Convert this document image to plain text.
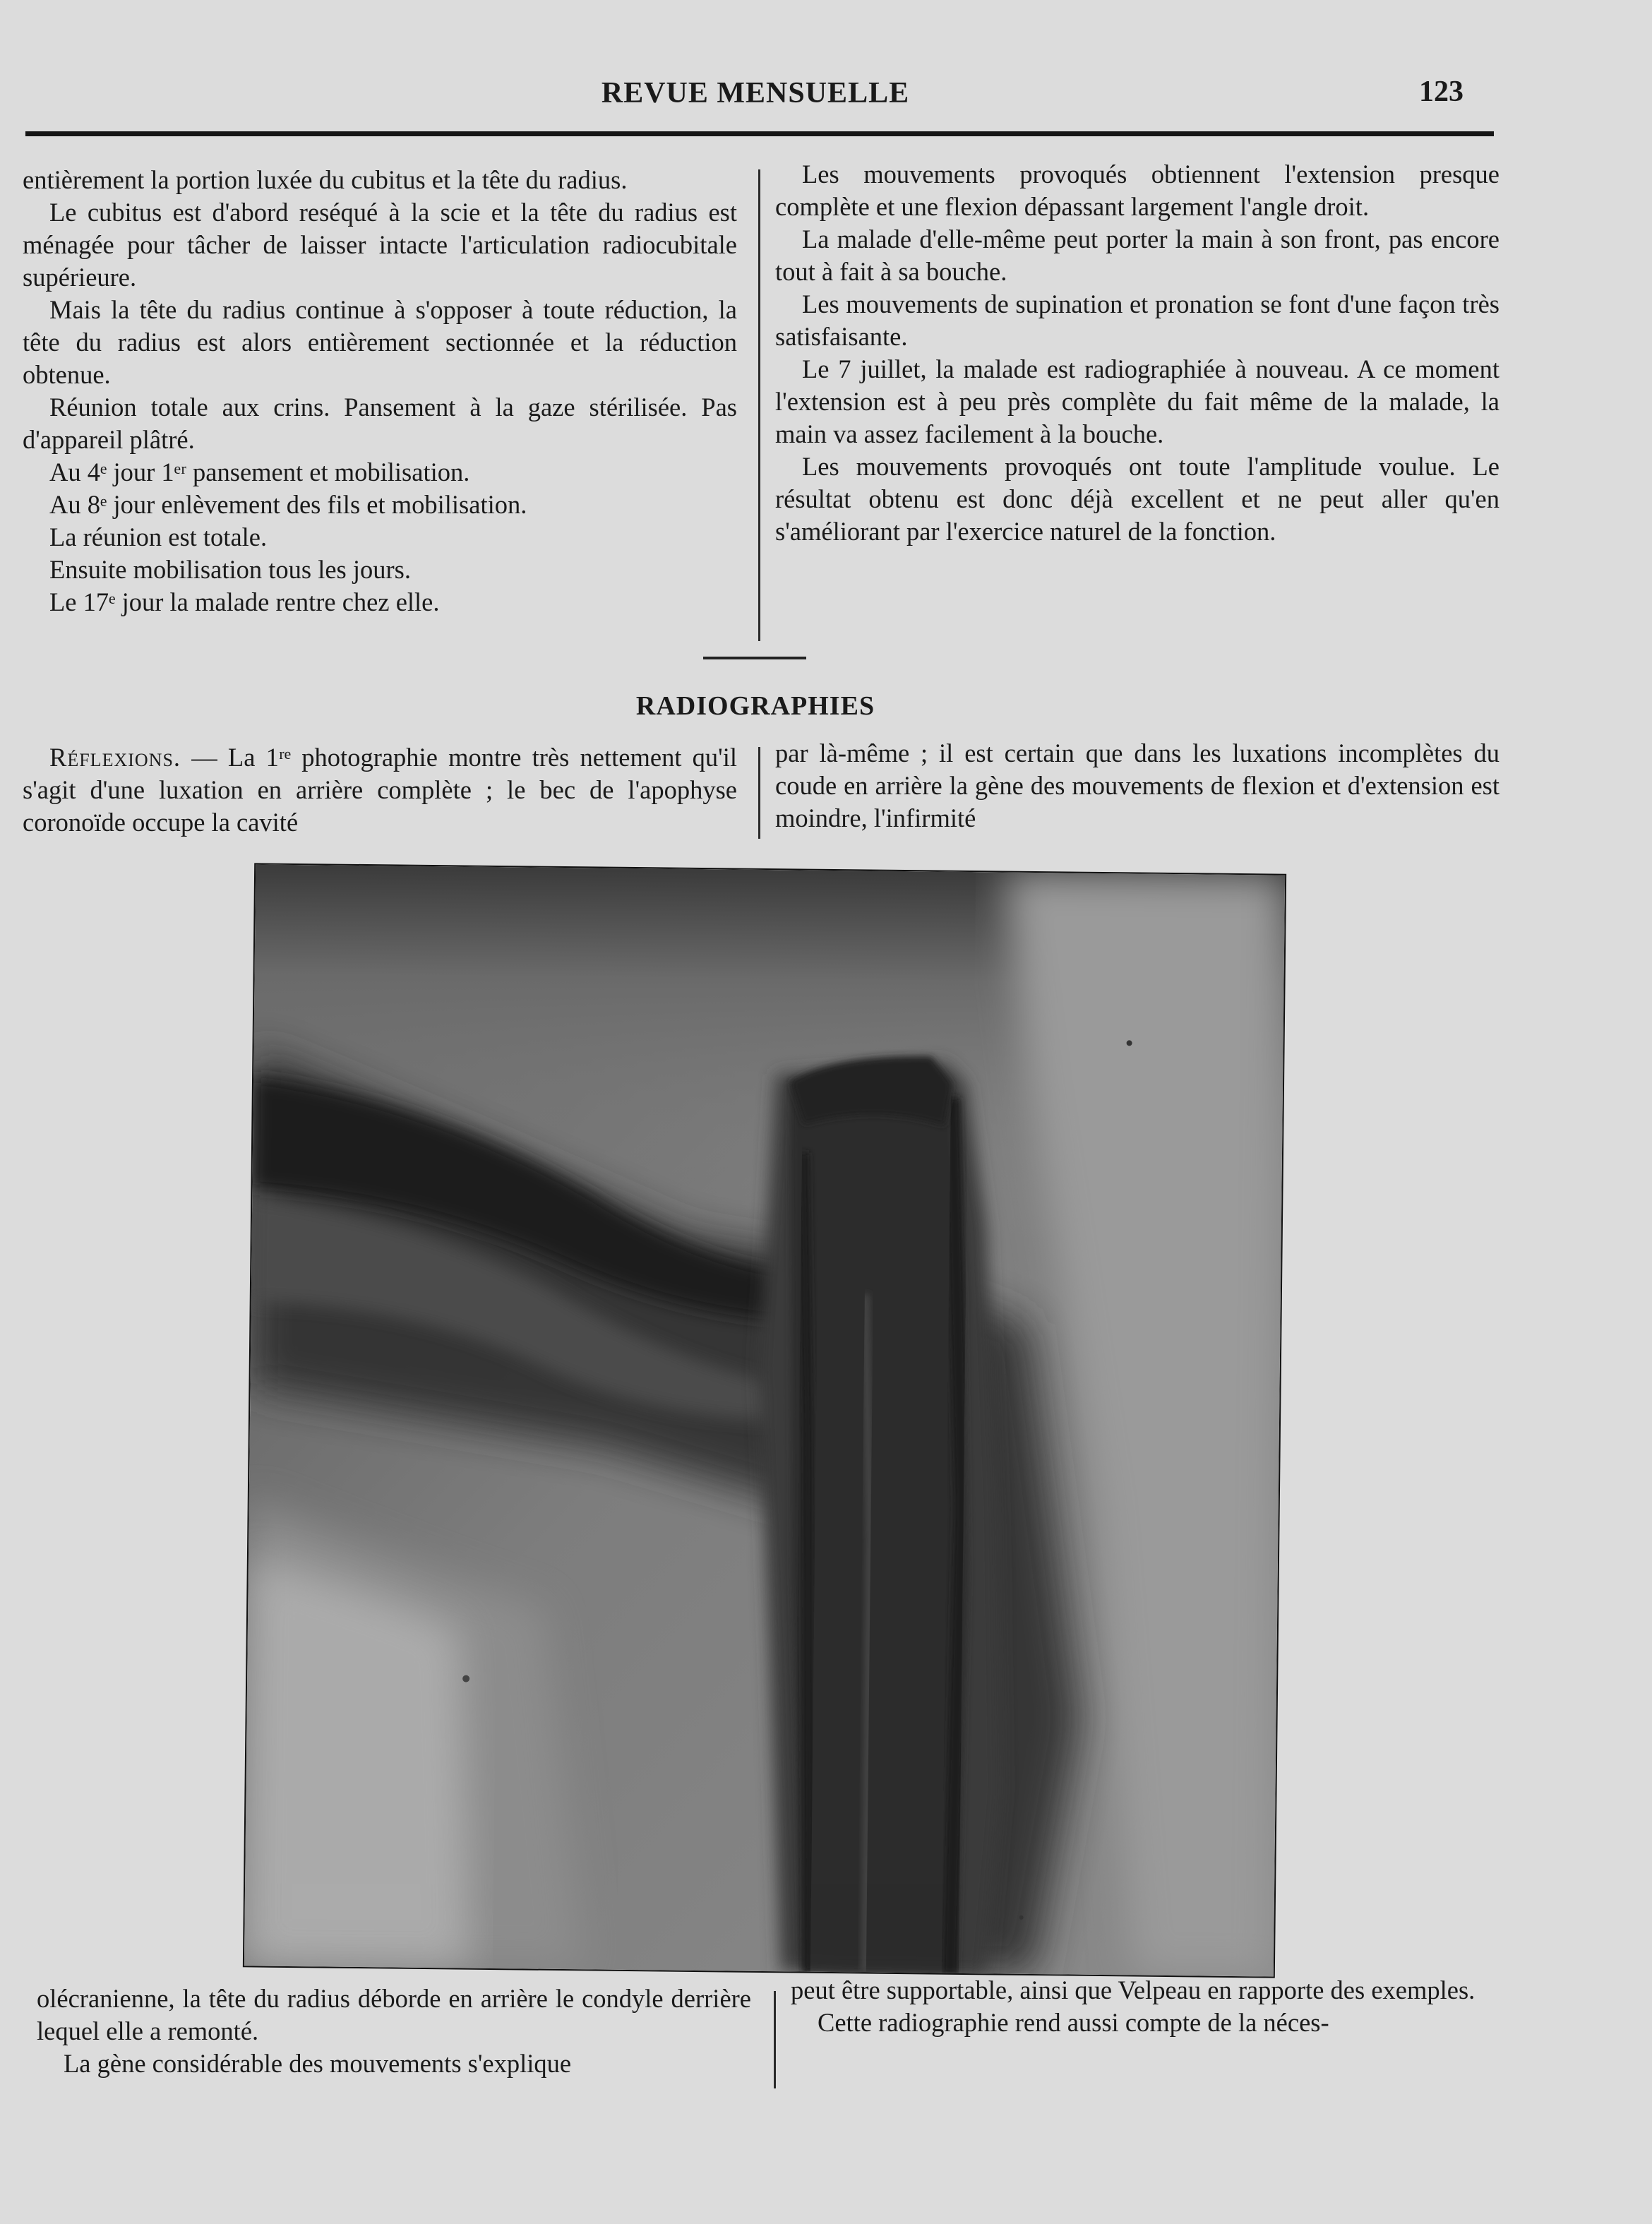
REVUE MENSUELLE	123

entièrement la portion luxée du cubitus et la tête du radius.

Le cubitus est d'abord reséqué à la scie et la tête du radius est ménagée pour tâcher de laisser intacte l'articulation radiocubitale supérieure.

Mais la tête du radius continue à s'opposer à toute réduction, la tête du radius est alors entièrement sectionnée et la réduction obtenue.

Réunion totale aux crins. Pansement à la gaze stérilisée. Pas d'appareil plâtré.

Au 4ᵉ jour 1ᵉʳ pansement et mobilisation.

Au 8ᵉ jour enlèvement des fils et mobilisation.

La réunion est totale.

Ensuite mobilisation tous les jours.

Le 17ᵉ jour la malade rentre chez elle.

Les mouvements provoqués obtiennent l'extension presque complète et une flexion dépassant largement l'angle droit.

La malade d'elle-même peut porter la main à son front, pas encore tout à fait à sa bouche.

Les mouvements de supination et pronation se font d'une façon très satisfaisante.

Le 7 juillet, la malade est radiographiée à nouveau. A ce moment l'extension est à peu près complète du fait même de la malade, la main va assez facilement à la bouche.

Les mouvements provoqués ont toute l'amplitude voulue. Le résultat obtenu est donc déjà excellent et ne peut aller qu'en s'améliorant par l'exercice naturel de la fonction.

RADIOGRAPHIES

Réflexions. — La 1ʳᵉ photographie montre très nettement qu'il s'agit d'une luxation en arrière complète ; le bec de l'apophyse coronoïde occupe la cavité

par là-même ; il est certain que dans les luxations incomplètes du coude en arrière la gène des mouvements de flexion et d'extension est moindre, l'infirmité

olécranienne, la tête du radius déborde en arrière le condyle derrière lequel elle a remonté.

La gène considérable des mouvements s'explique

peut être supportable, ainsi que Velpeau en rapporte des exemples.

Cette radiographie rend aussi compte de la néces-
